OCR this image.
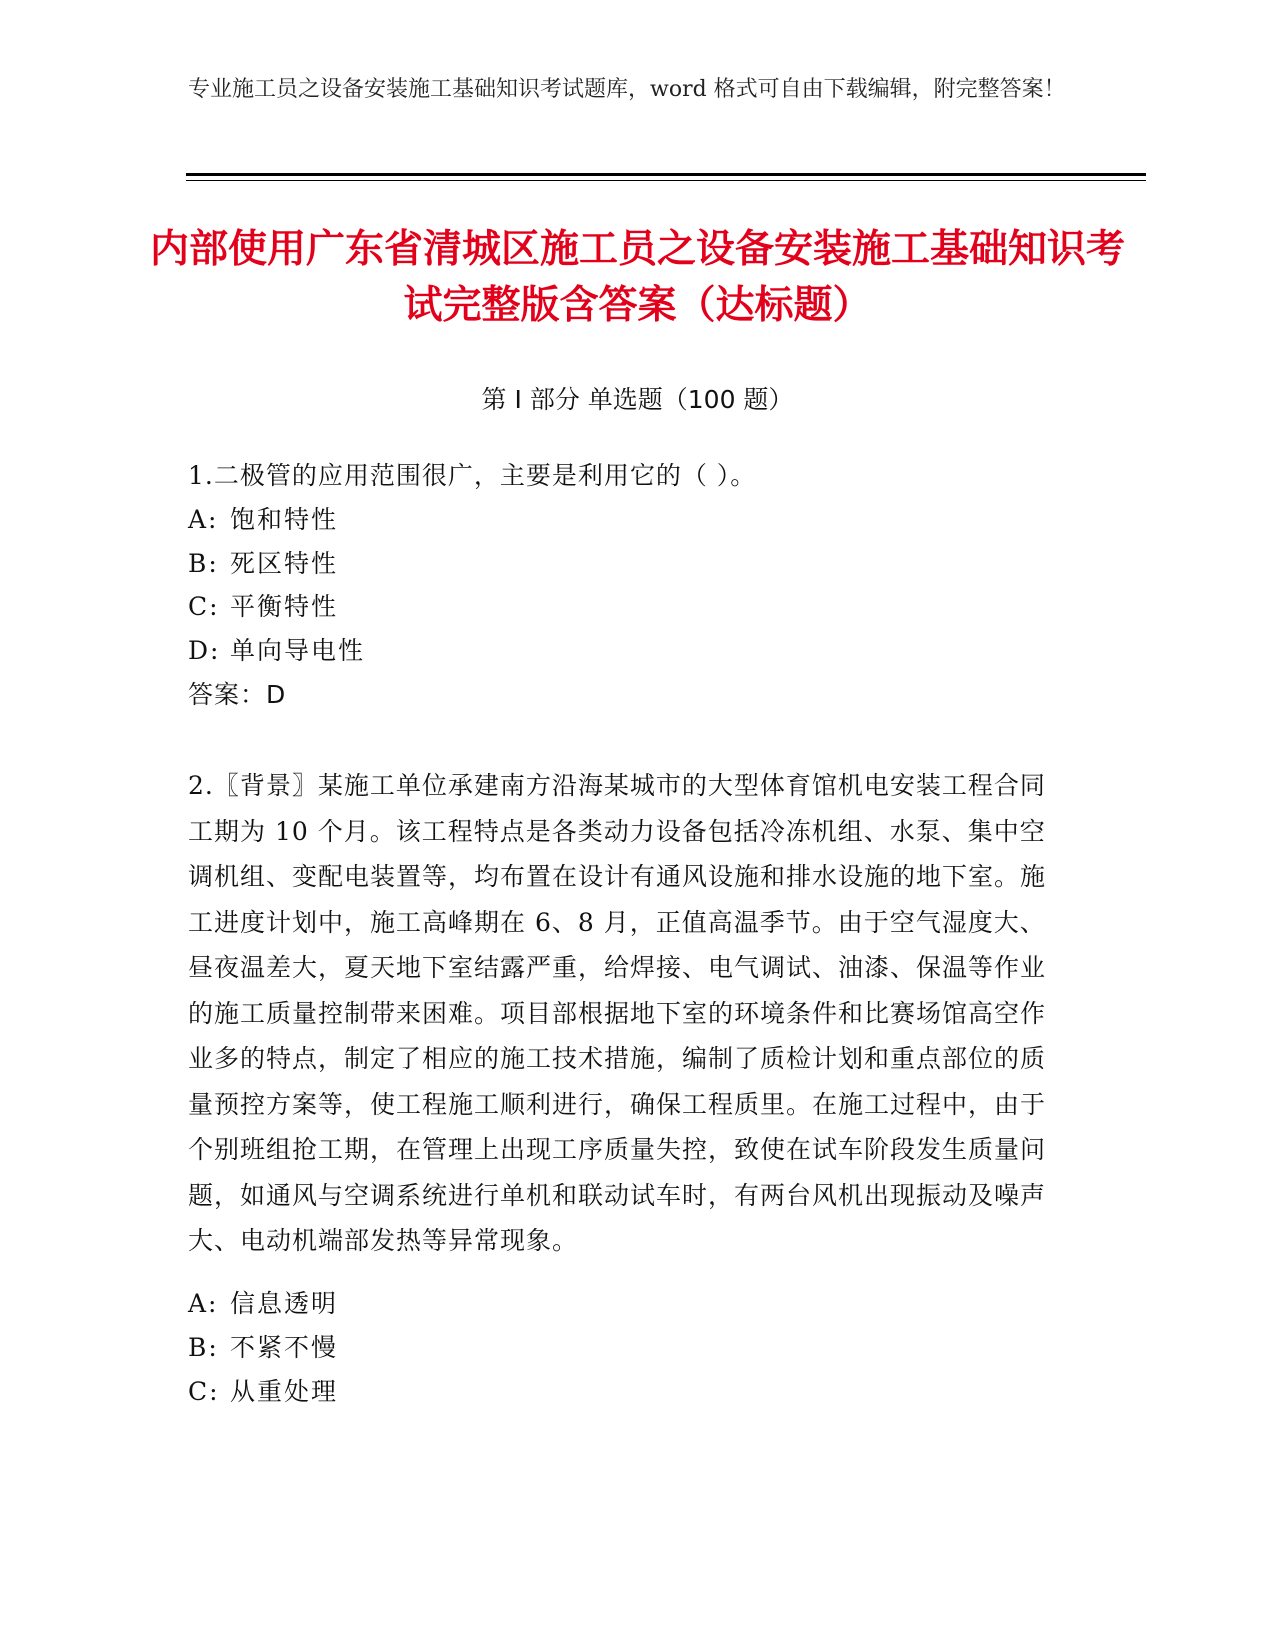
专业施工员之设备安装施工基础知识考试题库，word 格式可自由下载编辑，附完整答案！
内部使用广东省清城区施工员之设备安装施工基础知识考试完整版含答案（达标题）
第 I 部分 单选题（100 题）

1.二极管的应用范围很广，主要是利用它的（ ）。

A: 饱和特性
B: 死区特性
C: 平衡特性
D: 单向导电性
答案：D

2.〖背景〗某施工单位承建南方沿海某城市的大型体育馆机电安装工程合同工期为 10 个月。该工程特点是各类动力设备包括冷冻机组、水泵、集中空调机组、变配电装置等，均布置在设计有通风设施和排水设施的地下室。施工进度计划中，施工高峰期在 6、8 月，正值高温季节。由于空气湿度大、昼夜温差大，夏天地下室结露严重，给焊接、电气调试、油漆、保温等作业的施工质量控制带来困难。项目部根据地下室的环境条件和比赛场馆高空作业多的特点，制定了相应的施工技术措施，编制了质检计划和重点部位的质量预控方案等，使工程施工顺利进行，确保工程质里。在施工过程中，由于个别班组抢工期，在管理上出现工序质量失控，致使在试车阶段发生质量问题，如通风与空调系统进行单机和联动试车时，有两台风机出现振动及噪声大、电动机端部发热等异常现象。

A: 信息透明
B: 不紧不慢
C: 从重处理
